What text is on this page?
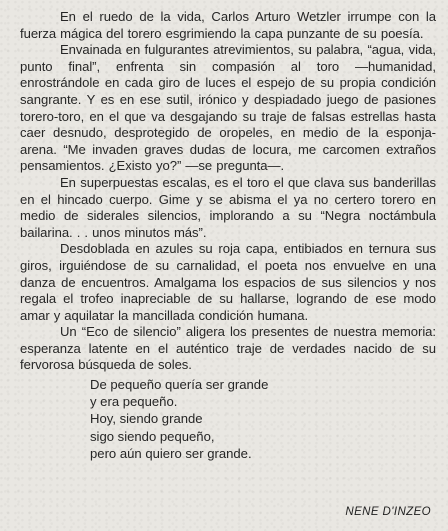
En el ruedo de la vida, Carlos Arturo Wetzler irrumpe con la fuerza mágica del torero esgrimiendo la capa punzante de su poesía.

Envainada en fulgurantes atrevimientos, su palabra, “agua, vida, punto final”, enfrenta sin compasión al toro —humanidad, enrostrándole en cada giro de luces el espejo de su propia condición sangrante. Y es en ese sutil, irónico y despiadado juego de pasiones torero-toro, en el que va desgajando su traje de falsas estrellas hasta caer desnudo, desprotegido de oropeles, en medio de la esponja-arena. “Me invaden graves dudas de locura, me carcomen extraños pensamientos. ¿Existo yo?” —se pregunta—.

En superpuestas escalas, es el toro el que clava sus banderillas en el hincado cuerpo. Gime y se abisma el ya no certero torero en medio de siderales silencios, implorando a su “Negra noctámbula bailarina. . . unos minutos más”.

Desdoblada en azules su roja capa, entibiados en ternura sus giros, irguiéndose de su carnalidad, el poeta nos envuelve en una danza de encuentros. Amalgama los espacios de sus silencios y nos regala el trofeo inapreciable de su hallarse, logrando de ese modo amar y aquilatar la mancillada condición humana.

Un “Eco de silencio” aligera los presentes de nuestra memoria: esperanza latente en el auténtico traje de verdades nacido de su fervorosa búsqueda de soles.

De pequeño quería ser grande
y era pequeño.
Hoy, siendo grande
sigo siendo pequeño,
pero aún quiero ser grande.

NENE D'INZEO
